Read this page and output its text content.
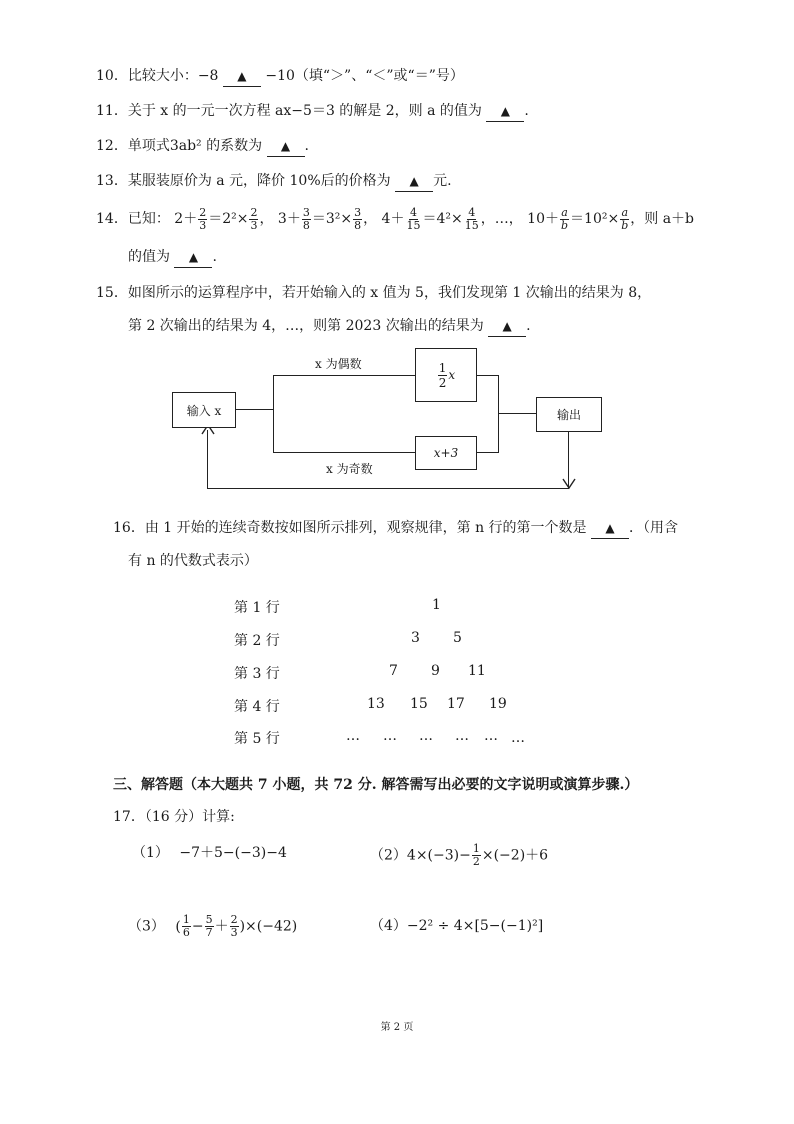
10．比较大小：−8 ▲ −10（填“＞”、“＜”或“＝”号）
11．关于 x 的一元一次方程 ax−5＝3 的解是 2，则 a 的值为 ▲ .
12．单项式3ab² 的系数为 ▲ .
13．某服装原价为 a 元，降价 10%后的价格为 ▲ 元.
14．已知： $2+ \frac{2}{3} =2^2\times \frac{2}{3}$ ， $3+ \frac{3}{8} =3^2\times \frac{3}{8}$ ， $4+ \frac{4}{15} =4^2\times \frac{4}{15}$ ，…， $10+ \frac{a}{b} =10^2\times \frac{a}{b}$ ，则 a＋b
的值为 ▲ .
15．如图所示的运算程序中，若开始输入的 x 值为 5，我们发现第 1 次输出的结果为 8，
第 2 次输出的结果为 4，…，则第 2023 次输出的结果为 ▲ .
输入 x
$\frac{1}{2}$ x
x+3
输出
x 为偶数
x 为奇数
16．由 1 开始的连续奇数按如图所示排列，观察规律，第 n 行的第一个数是 ▲ ．（用含
有 n 的代数式表示）
第 1 行	1
第 2 行	3 5
第 3 行	7 9 11
第 4 行	13 15 17 19
第 5 行	… … … … … …
三、解答题（本大题共 7 小题，共 72 分. 解答需写出必要的文字说明或演算步骤.）
17．（16 分）计算:
（1） −7＋5−(−3)−4	$(2)4\times(-3)- \frac{1}{2} \times(-2)+6$
（3） ( $\frac{1}{6} - \frac{5}{7} + \frac{2}{3} )\times(-42)$	（4）−2² ÷ 4×[5−(−1)²]
第 2 页
